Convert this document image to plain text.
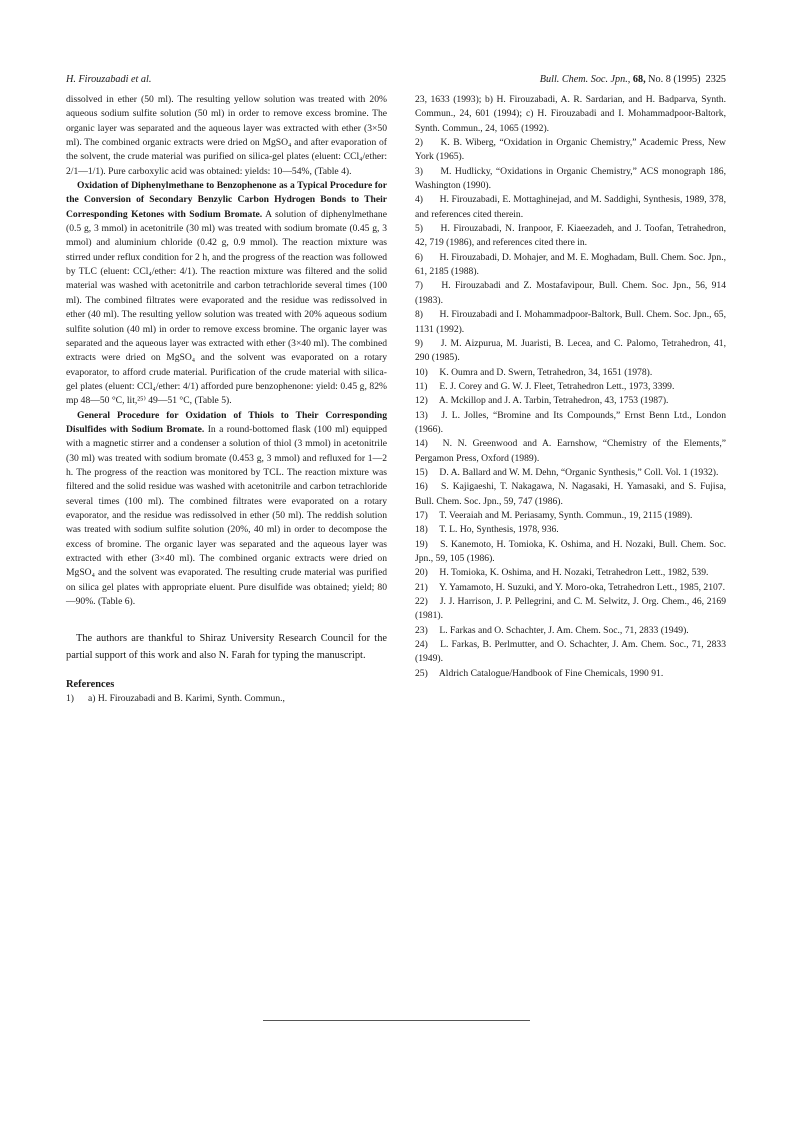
H. Firouzabadi et al.	Bull. Chem. Soc. Jpn., 68, No. 8 (1995) 2325

dissolved in ether (50 ml). The resulting yellow solution was treated with 20% aqueous sodium sulfite solution (50 ml) in order to remove excess bromine. The organic layer was separated and the aqueous layer was extracted with ether (3×50 ml). The combined organic extracts were dried on MgSO₄ and after evaporation of the solvent, the crude material was purified on silica-gel plates (eluent: CCl₄/ether: 2/1—1/1). Pure carboxylic acid was obtained: yields: 10—54%, (Table 4).

Oxidation of Diphenylmethane to Benzophenone as a Typical Procedure for the Conversion of Secondary Benzylic Carbon Hydrogen Bonds to Their Corresponding Ketones with Sodium Bromate. A solution of diphenylmethane (0.5 g, 3 mmol) in acetonitrile (30 ml) was treated with sodium bromate (0.45 g, 3 mmol) and aluminium chloride (0.42 g, 0.9 mmol). The reaction mixture was stirred under reflux condition for 2 h, and the progress of the reaction was followed by TLC (eluent: CCl₄/ether: 4/1). The reaction mixture was filtered and the solid material was washed with acetonitrile and carbon tetrachloride several times (100 ml). The combined filtrates were evaporated and the residue was redissolved in ether (40 ml). The resulting yellow solution was treated with 20% aqueous sodium sulfite solution (40 ml) in order to remove excess bromine. The organic layer was separated and the aqueous layer was extracted with ether (3×40 ml). The combined extracts were dried on MgSO₄ and the solvent was evaporated on a rotary evaporator, to afford crude material. Purification of the crude material with silica-gel plates (eluent: CCl₄/ether: 4/1) afforded pure benzophenone: yield: 0.45 g, 82% mp 48—50 °C, lit,²⁵⁾ 49—51 °C, (Table 5).

General Procedure for Oxidation of Thiols to Their Corresponding Disulfides with Sodium Bromate. In a round-bottomed flask (100 ml) equipped with a magnetic stirrer and a condenser a solution of thiol (3 mmol) in acetonitrile (30 ml) was treated with sodium bromate (0.453 g, 3 mmol) and refluxed for 1—2 h. The progress of the reaction was monitored by TCL. The reaction mixture was filtered and the solid residue was washed with acetonitrile and carbon tetrachloride several times (100 ml). The combined filtrates were evaporated on a rotary evaporator, and the residue was redissolved in ether (50 ml). The reddish solution was treated with sodium sulfite solution (20%, 40 ml) in order to decompose the excess of bromine. The organic layer was separated and the aqueous layer was extracted with ether (3×40 ml). The combined organic extracts were dried on MgSO₄ and the solvent was evaporated. The resulting crude material was purified on silica gel plates with appropriate eluent. Pure disulfide was obtained; yield; 80—90%. (Table 6).

The authors are thankful to Shiraz University Research Council for the partial support of this work and also N. Farah for typing the manuscript.

References

1) a) H. Firouzabadi and B. Karimi, Synth. Commun.,

23, 1633 (1993); b) H. Firouzabadi, A. R. Sardarian, and H. Badparva, Synth. Commun., 24, 601 (1994); c) H. Firouzabadi and I. Mohammadpoor-Baltork, Synth. Commun., 24, 1065 (1992).

2) K. B. Wiberg, “Oxidation in Organic Chemistry,” Academic Press, New York (1965).

3) M. Hudlicky, “Oxidations in Organic Chemistry,” ACS monograph 186, Washington (1990).

4) H. Firouzabadi, E. Mottaghinejad, and M. Saddighi, Synthesis, 1989, 378, and references cited therein.

5) H. Firouzabadi, N. Iranpoor, F. Kiaeezadeh, and J. Toofan, Tetrahedron, 42, 719 (1986), and references cited there in.

6) H. Firouzabadi, D. Mohajer, and M. E. Moghadam, Bull. Chem. Soc. Jpn., 61, 2185 (1988).

7) H. Firouzabadi and Z. Mostafavipour, Bull. Chem. Soc. Jpn., 56, 914 (1983).

8) H. Firouzabadi and I. Mohammadpoor-Baltork, Bull. Chem. Soc. Jpn., 65, 1131 (1992).

9) J. M. Aizpurua, M. Juaristi, B. Lecea, and C. Palomo, Tetrahedron, 41, 290 (1985).

10) K. Oumra and D. Swern, Tetrahedron, 34, 1651 (1978).

11) E. J. Corey and G. W. J. Fleet, Tetrahedron Lett., 1973, 3399.

12) A. Mckillop and J. A. Tarbin, Tetrahedron, 43, 1753 (1987).

13) J. L. Jolles, “Bromine and Its Compounds,” Ernst Benn Ltd., London (1966).

14) N. N. Greenwood and A. Earnshow, “Chemistry of the Elements,” Pergamon Press, Oxford (1989).

15) D. A. Ballard and W. M. Dehn, “Organic Synthesis,” Coll. Vol. 1 (1932).

16) S. Kajigaeshi, T. Nakagawa, N. Nagasaki, H. Yamasaki, and S. Fujisa, Bull. Chem. Soc. Jpn., 59, 747 (1986).

17) T. Veeraiah and M. Periasamy, Synth. Commun., 19, 2115 (1989).

18) T. L. Ho, Synthesis, 1978, 936.

19) S. Kanemoto, H. Tomioka, K. Oshima, and H. Nozaki, Bull. Chem. Soc. Jpn., 59, 105 (1986).

20) H. Tomioka, K. Oshima, and H. Nozaki, Tetrahedron Lett., 1982, 539.

21) Y. Yamamoto, H. Suzuki, and Y. Moro-oka, Tetrahedron Lett., 1985, 2107.

22) J. J. Harrison, J. P. Pellegrini, and C. M. Selwitz, J. Org. Chem., 46, 2169 (1981).

23) L. Farkas and O. Schachter, J. Am. Chem. Soc., 71, 2833 (1949).

24) L. Farkas, B. Perlmutter, and O. Schachter, J. Am. Chem. Soc., 71, 2833 (1949).

25) Aldrich Catalogue/Handbook of Fine Chemicals, 1990 91.
